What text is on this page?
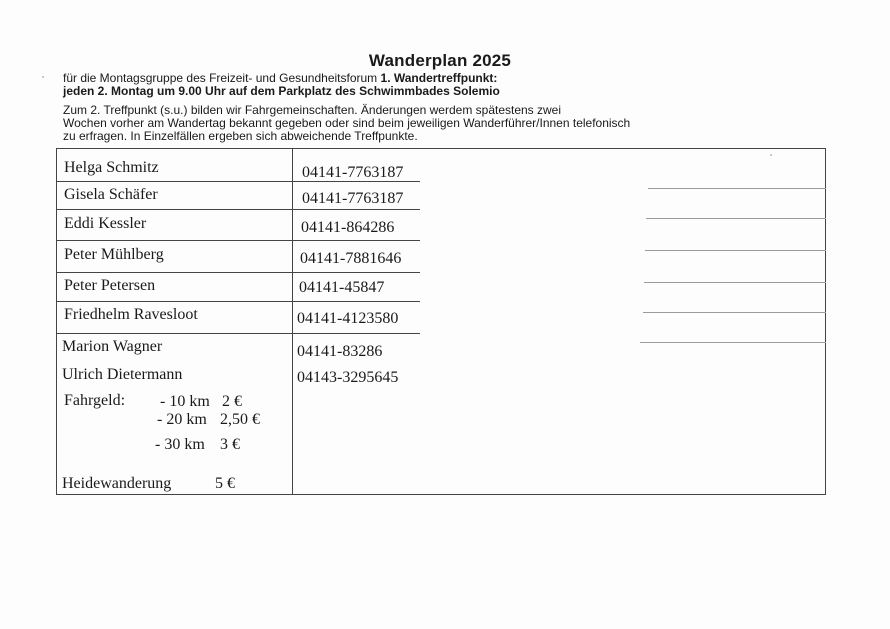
Wanderplan 2025
für die Montagsgruppe des Freizeit- und Gesundheitsforum 1. Wandertreffpunkt:
jeden 2. Montag um 9.00 Uhr auf dem Parkplatz des Schwimmbades Solemio
Zum 2. Treffpunkt (s.u.) bilden wir Fahrgemeinschaften. Änderungen werdem spätestens zwei
Wochen vorher am Wandertag bekannt gegeben oder sind beim jeweiligen Wanderführer/Innen telefonisch
zu erfragen. In Einzelfällen ergeben sich abweichende Treffpunkte.
Helga Schmitz
Gisela Schäfer
Eddi Kessler
Peter Mühlberg
Peter Petersen
Friedhelm Ravesloot
Marion Wagner
Ulrich Dietermann
04141-7763187
04141-7763187
04141-864286
04141-7881646
04141-45847
04141-4123580
04141-83286
04143-3295645
Fahrgeld: - 10 km 2 €
- 20 km 2,50 €
- 30 km 3 €
Heidewanderung	5 €
